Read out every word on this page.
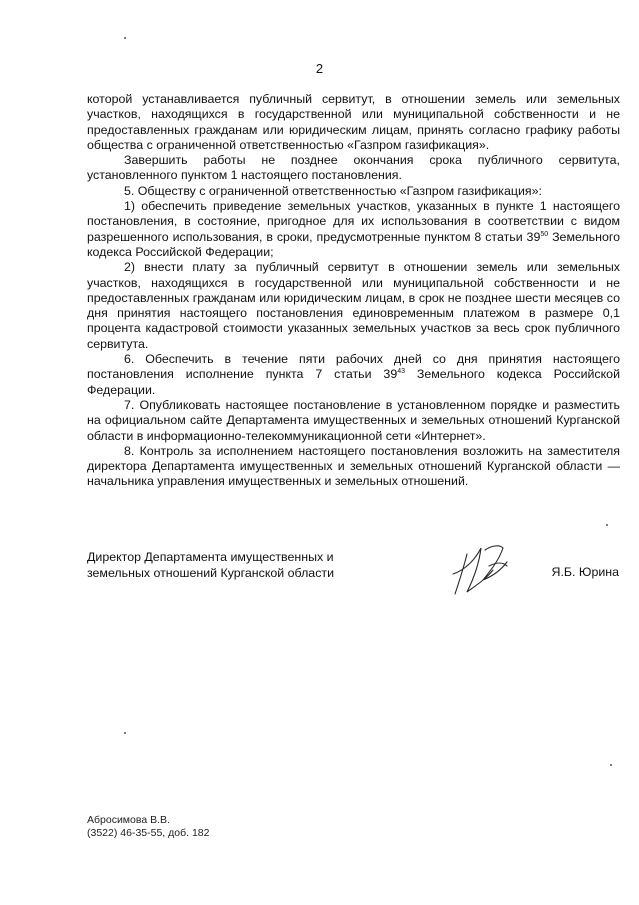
2

которой устанавливается публичный сервитут, в отношении земель или земельных участков, находящихся в государственной или муниципальной собственности и не предоставленных гражданам или юридическим лицам, принять согласно графику работы общества с ограниченной ответственностью «Газпром газификация».

Завершить работы не позднее окончания срока публичного сервитута, установленного пунктом 1 настоящего постановления.

5. Обществу с ограниченной ответственностью «Газпром газификация»:

1) обеспечить приведение земельных участков, указанных в пункте 1 настоящего постановления, в состояние, пригодное для их использования в соответствии с видом разрешенного использования, в сроки, предусмотренные пунктом 8 статьи $39^{50}$ Земельного кодекса Российской Федерации;

2) внести плату за публичный сервитут в отношении земель или земельных участков, находящихся в государственной или муниципальной собственности и не предоставленных гражданам или юридическим лицам, в срок не позднее шести месяцев со дня принятия настоящего постановления единовременным платежом в размере 0,1 процента кадастровой стоимости указанных земельных участков за весь срок публичного сервитута.

6. Обеспечить в течение пяти рабочих дней со дня принятия настоящего постановления исполнение пункта 7 статьи $39^{43}$ Земельного кодекса Российской Федерации.

7. Опубликовать настоящее постановление в установленном порядке и разместить на официальном сайте Департамента имущественных и земельных отношений Курганской области в информационно-телекоммуникационной сети «Интернет».

8. Контроль за исполнением настоящего постановления возложить на заместителя директора Департамента имущественных и земельных отношений Курганской области — начальника управления имущественных и земельных отношений.

Директор Департамента имущественных и
земельных отношений Курганской области	Я.Б. Юрина
Абросимова В.В.
(3522) 46-35-55, доб. 182
